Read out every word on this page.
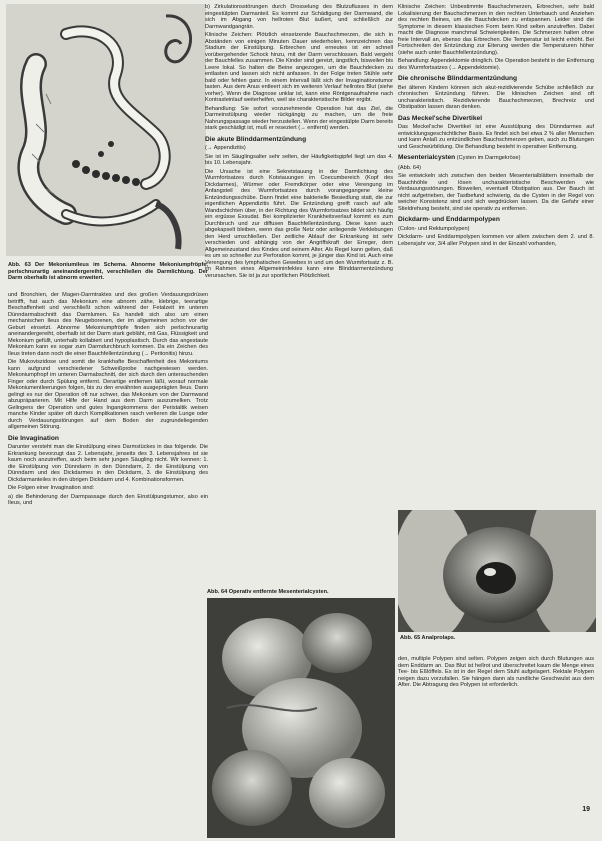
Abb. 63 Der Mekoniumileus im Schema. Abnorme Mekoniumpfröpfe, perlschnurartig aneinandergereiht, verschließen die Darmlichtung. Der Darm oberhalb ist abnorm erweitert.

und Bronchien, der Magen-Darmtraktes und des großen Verdauungsdrüsen betrifft, hat auch das Mekonium eine abnorm zähe, klebrige, teerartige Beschaffenheit und verschließt schon während der Fetalzeit im unteren Dünndarmabschnitt das Darmlumen. Es handelt sich also um einen mechanischen Ileus des Neugeborenen, der im allgemeinen schon vor der Geburt einsetzt. Abnorme Mekoniumpfröpfe finden sich perlschnurartig aneinandergereiht, oberhalb ist der Darm stark gebläht, mit Gas, Flüssigkeit und Mekonium gefüllt, unterhalb kollabiert und hypoplastisch. Durch das angestaute Mekonium kann es sogar zum Darmdurchbruch kommen. Da ein Zeichen des Ileus treten dann noch die einer Bauchfellentzündung (→ Peritonitis) hinzu.

Die Mukoviszidose und somit die krankhafte Beschaffenheit des Mekoniums kann aufgrund verschiedener Schweißprobe nachgewiesen werden. Mekoniumpfropf im unteren Darmabschnitt, der sich durch den untersuchenden Finger oder durch Spülung entfernt. Derartige entfernen läßt, worauf normale Mekoniumentleerungen folgen, bis zu den erwähnten ausgeprägten Ileus. Dann gelingt es nur der Operation oft nur schwer, das Mekonium von der Darmwand abzupräparieren. Mit Hilfe der Hand aus dem Darm auszumelken. Trotz Gelingens der Operation und gutes Ingangkommens der Peristaltik weisen manche Kinder später oft durch Komplikationen rasch verlieren die Lunge oder durch Verdauungsstörungen auf dem Boden der zugrundeliegenden allgemeinen Störung.

Die Invagination

Darunter versteht man die Einstülpung eines Darmstückes in das folgende. Die Erkrankung bevorzugt das 2. Lebensjahr, jenseits des 3. Lebensjahres ist sie kaum noch anzutreffen, auch beim sehr jungen Säugling nicht. Wir kennen: 1. die Einstülpung von Dünndarm in den Dünndarm, 2. die Einstülpung von Dünndarm und des Dickdarmes in den Dickdarm, 3. die Einstülpung des Dickdarmanteiles in den übrigen Dickdarm und 4. Kombinationsformen.

Die Folgen einer Invagination sind:

a) die Behinderung der Darmpassage durch den Einstülpungstumor, also ein Ileus, und

b) Zirkulationsstörungen durch Drosselung des Blutzuflusses in dem eingestülpten Darmanteil. Es kommt zur Schädigung der Darmwand, die sich im Abgang von hellroten Blut äußert, und schließlich zur Darmwandgangrän.

Klinische Zeichen: Plötzlich einsetzende Bauchschmerzen, die sich in Abständen von einigen Minuten Dauer wiederholen, kennzeichnen das Stadium der Einstülpung. Erbrechen und erneutes ist ein schnell vorübergehender Schock hinzu, mit der Darm verschlossen. Bald vergeht der Bauchfelles zusammen. Die Kinder sind gereizt, ängstlich, bisweilen bis Leere lokal. So halten die Beine angezogen, um die Bauchdecken zu entlasten und lassen sich nicht anfassen. In der Folge treten Stühle sehr bald oder fehlen ganz. In einem Intervall läßt sich der Invaginationstumor tasten. Aus dem Anus entleert sich im weiteren Verlauf hellrotes Blut (siehe vorher). Wenn die Diagnose unklar ist, kann eine Röntgenaufnahme nach Kontrasteinlauf weiterhelfen, weil sie charakteristische Bilder ergibt.

Behandlung: Sie sofort vorzunehmende Operation hat das Ziel, die Darmeinstülpung wieder rückgängig zu machen, um die freie Nahrungspassage wieder herzustellen. Wenn der eingestülpte Darm bereits stark geschädigt ist, muß er reseziert (→ entfernt) werden.

Die akute Blinddarmentzündung

(→ Appendizitis)

Sie ist im Säuglingsalter sehr selten, der Häufigkeitsgipfel liegt um das 4. bis 10. Lebensjahr.

Die Ursache ist eine Sekretstauung in der Darmlichtung des Wurmfortsatzes durch Kotstauungen im Coecumbereich (Kopf des Dickdarmes), Würmer oder Fremdkörper oder eine Verengung im Anfangsteil des Wurmfortsatzes durch vorangegangene kleine Entzündungsschübe. Dann findet eine bakterielle Besiedlung statt, die zur eigentlichen Appendizitis führt. Die Entzündung greift rasch auf alle Wandschichten über, in der Richtung des Wurmfortsatzes bildet sich häufig ein ergüsse Exsudat. Bei komplizierter Krankheitsverlauf kommt es zum Durchbruch und zur diffusen Bauchfellentzündung. Diese kann auch abgekapselt bleiben, wenn das große Netz oder anliegende Verklebungen den Herd umschließen. Der zeitliche Ablauf der Erkrankung ist sehr verschieden und abhängig von der Angriffskraft der Erreger, dem Allgemeinzustand des Kindes und seinem Alter. Als Regel kann gelten, daß es um so schneller zur Perforation kommt, je jünger das Kind ist. Auch eine Verengung des lymphatischen Gewebes in und um den Wurmfortsatz z. B. im Rahmen eines Allgemeininfektes kann eine Blinddarmentzündung verursachen. Sie ist ja zur sportlichen Plötzlichkeit.

Abb. 64 Operativ entfernte Mesenterialcysten.

Klinische Zeichen: Unbestimmte Bauchschmerzen, Erbrechen, sehr bald Lokalisierung der Bauchschmerzen in den rechten Unterbauch und Anziehen des rechten Beines, um die Bauchdecken zu entspannen. Leider sind die Symptome in diesem klassischen Form beim Kind selten anzutreffen. Dabei macht die Diagnose manchmal Schwierigkeiten. Die Schmerzen halten ohne freie Intervall an, ebenso das Erbrechen. Die Temperatur ist leicht erhöht. Bei Fortschreiten der Entzündung zur Eiterung werden die Temperaturen höher (siehe auch unter Bauchfellentzündung).

Behandlung: Appendektomie dringlich. Die Operation besteht in der Entfernung des Wurmfortsatzes (→ Appendektomie).

Die chronische Blinddarmentzündung

Bei älteren Kindern können sich akut-rezidivierende Schübe schließlich zur chronischen Entzündung führen. Die klinischen Zeichen sind oft uncharakteristisch. Rezidivierende Bauchschmerzen, Brechreiz und Obstipation lassen daran denken.

Das Meckel'sche Divertikel

Das Meckel'sche Divertikel ist eine Ausstülpung des Dünndarmes auf entwicklungsgeschichtlicher Basis. Es findet sich bei etwa 2 % aller Menschen und kann Anlaß zu entzündlichen Bauchschmerzen geben, auch zu Blutungen und Geschwürbildung. Die Behandlung besteht in operativer Entfernung.

Mesenterialcysten (Cysten im Darmgekröse)

(Abb. 64)

Sie entwickeln sich zwischen den beiden Mesenterialblättern innerhalb der Bauchhöhle und lösen uncharakteristische Beschwerden wie Verdauungsstörungen. Bisweilen, eventuell Obstipation aus. Der Bauch ist nicht aufgetrieben, der Tastbefund schwierig, da die Cysten in der Regel von weicher Konsistenz sind und sich wegdrücken lassen. Da die Gefahr einer Stieldrehung besteht, sind sie operativ zu entfernen.

Dickdarm- und Enddarmpolypen

(Colon- und Rektumpolypen)

Dickdarm- und Enddarmpolypen kommen vor allem zwischen dem 2. und 8. Lebensjahr vor, 3/4 aller Polypen sind in der Einzahl vorhanden,

Abb. 65 Analprolaps.

den, multiple Polypen sind selten. Polypen zeigen sich durch Blutungen aus dem Enddarm an. Das Blut ist hellrot und überschreitet kaum die Menge eines Tee- bis Eßlöffels. Es ist in der Regel dem Stuhl aufgelagert. Rektale Polypen neigen dazu vorzufallen. Sie hängen dann als rundliche Geschwulst aus dem After. Die Abtragung des Polypen ist erforderlich.

19
